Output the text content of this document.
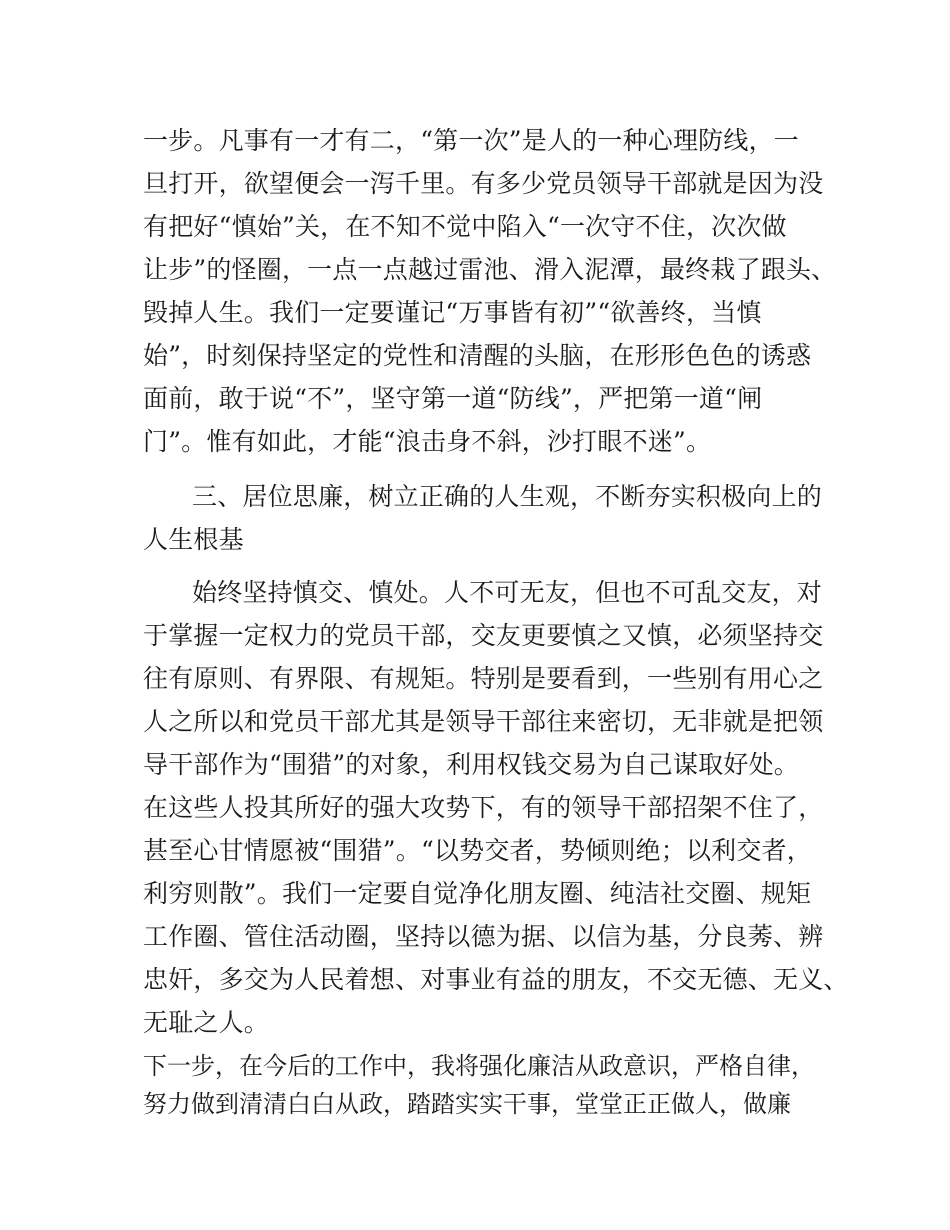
一步。凡事有一才有二，“第一次”是人的一种心理防线，一
旦打开，欲望便会一泻千里。有多少党员领导干部就是因为没
有把好“慎始”关，在不知不觉中陷入“一次守不住，次次做
让步”的怪圈，一点一点越过雷池、滑入泥潭，最终栽了跟头、
毁掉人生。我们一定要谨记“万事皆有初”“欲善终，当慎
始”，时刻保持坚定的党性和清醒的头脑，在形形色色的诱惑
面前，敢于说“不”，坚守第一道“防线”，严把第一道“闸
门”。惟有如此，才能“浪击身不斜，沙打眼不迷”。
三、居位思廉，树立正确的人生观，不断夯实积极向上的
人生根基
始终坚持慎交、慎处。人不可无友，但也不可乱交友，对
于掌握一定权力的党员干部，交友更要慎之又慎，必须坚持交
往有原则、有界限、有规矩。特别是要看到，一些别有用心之
人之所以和党员干部尤其是领导干部往来密切，无非就是把领
导干部作为“围猎”的对象，利用权钱交易为自己谋取好处。
在这些人投其所好的强大攻势下，有的领导干部招架不住了，
甚至心甘情愿被“围猎”。“以势交者，势倾则绝；以利交者，
利穷则散”。我们一定要自觉净化朋友圈、纯洁社交圈、规矩
工作圈、管住活动圈，坚持以德为据、以信为基，分良莠、辨
忠奸，多交为人民着想、对事业有益的朋友，不交无德、无义、
无耻之人。
下一步，在今后的工作中，我将强化廉洁从政意识，严格自律，
努力做到清清白白从政，踏踏实实干事，堂堂正正做人，做廉
